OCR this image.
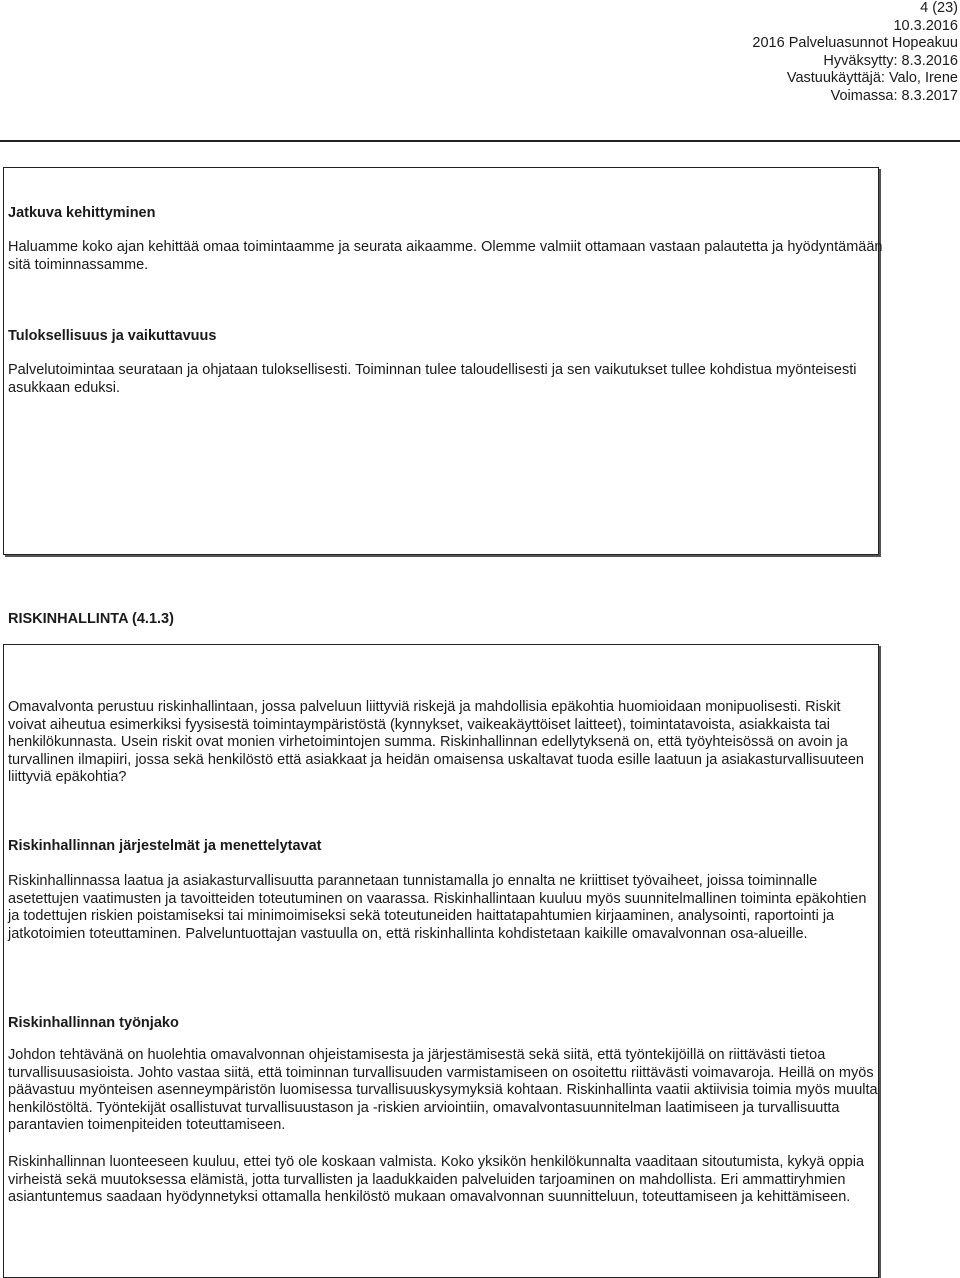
4 (23)
10.3.2016
2016 Palveluasunnot Hopeakuu
Hyväksytty: 8.3.2016
Vastuukäyttäjä: Valo, Irene
Voimassa: 8.3.2017
Jatkuva kehittyminen

Haluamme koko ajan kehittää omaa toimintaamme ja seurata aikaamme. Olemme valmiit ottamaan vastaan palautetta ja hyödyntämään sitä toiminnassamme.

Tuloksellisuus ja vaikuttavuus

Palvelutoimintaa seurataan ja ohjataan tuloksellisesti. Toiminnan tulee taloudellisesti ja sen vaikutukset tullee kohdistua myönteisesti asukkaan eduksi.

RISKINHALLINTA (4.1.3)

Omavalvonta perustuu riskinhallintaan, jossa palveluun liittyviä riskejä ja mahdollisia epäkohtia huomioidaan monipuolisesti. Riskit voivat aiheutua esimerkiksi fyysisestä toimintaympäristöstä (kynnykset, vaikeakäyttöiset laitteet), toimintatavoista, asiakkaista tai henkilökunnasta. Usein riskit ovat monien virhetoimintojen summa. Riskinhallinnan edellytyksenä on, että työyhteisössä on avoin ja turvallinen ilmapiiri, jossa sekä henkilöstö että asiakkaat ja heidän omaisensa uskaltavat tuoda esille laatuun ja asiakasturvallisuuteen liittyviä epäkohtia?

Riskinhallinnan järjestelmät ja menettelytavat

Riskinhallinnassa laatua ja asiakasturvallisuutta parannetaan tunnistamalla jo ennalta ne kriittiset työvaiheet, joissa toiminnalle asetettujen vaatimusten ja tavoitteiden toteutuminen on vaarassa. Riskinhallintaan kuuluu myös suunnitelmallinen toiminta epäkohtien ja todettujen riskien poistamiseksi tai minimoimiseksi sekä toteutuneiden haittatapahtumien kirjaaminen, analysointi, raportointi ja jatkotoimien toteuttaminen. Palveluntuottajan vastuulla on, että riskinhallinta kohdistetaan kaikille omavalvonnan osa-alueille.

Riskinhallinnan työnjako

Johdon tehtävänä on huolehtia omavalvonnan ohjeistamisesta ja järjestämisestä sekä siitä, että työntekijöillä on riittävästi tietoa turvallisuusasioista. Johto vastaa siitä, että toiminnan turvallisuuden varmistamiseen on osoitettu riittävästi voimavaroja. Heillä on myös päävastuu myönteisen asenneympäristön luomisessa turvallisuuskysymyksiä kohtaan. Riskinhallinta vaatii aktiivisia toimia myös muulta henkilöstöltä. Työntekijät osallistuvat turvallisuustason ja -riskien arviointiin, omavalvontasuunnitelman laatimiseen ja turvallisuutta parantavien toimenpiteiden toteuttamiseen.

Riskinhallinnan luonteeseen kuuluu, ettei työ ole koskaan valmista. Koko yksikön henkilökunnalta vaaditaan sitoutumista, kykyä oppia virheistä sekä muutoksessa elämistä, jotta turvallisten ja laadukkaiden palveluiden tarjoaminen on mahdollista. Eri ammattiryhmien asiantuntemus saadaan hyödynnetyksi ottamalla henkilöstö mukaan omavalvonnan suunnitteluun, toteuttamiseen ja kehittämiseen.
